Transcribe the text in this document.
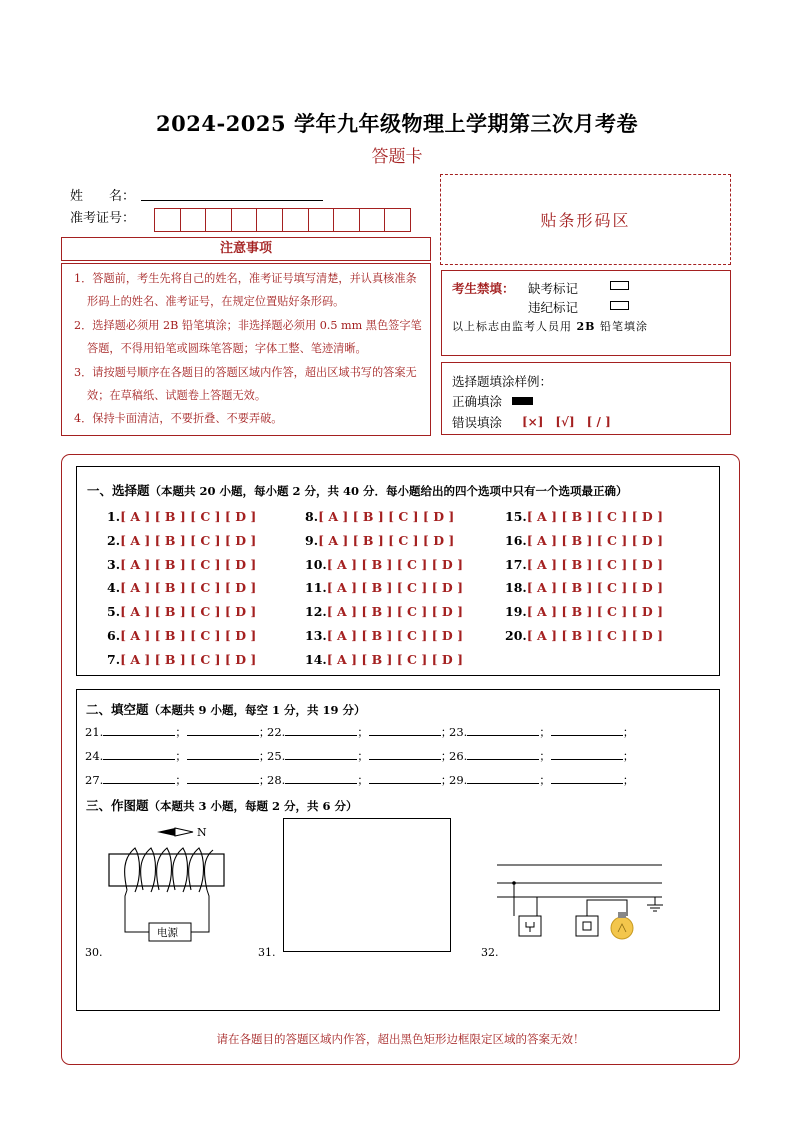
2024-2025 学年九年级物理上学期第三次月考卷
答题卡
姓　　名：
准考证号：	贴条形码区
注意事项

1．答题前，考生先将自己的姓名，准考证号填写清楚，并认真核准条形码上的姓名、准考证号，在规定位置贴好条形码。

2．选择题必须用 2B 铅笔填涂；非选择题必须用 0.5 mm 黑色签字笔答题，不得用铅笔或圆珠笔答题；字体工整、笔迹清晰。

3．请按题号顺序在各题目的答题区域内作答，超出区域书写的答案无效；在草稿纸、试题卷上答题无效。

4．保持卡面清洁，不要折叠、不要弄破。

考生禁填： 缺考标记
违纪标记
以上标志由监考人员用 2B 铅笔填涂
选择题填涂样例：
正确填涂
错误填涂 [×]　[√]　[ / ]
一、选择题（本题共 20 小题，每小题 2 分，共 40 分．每小题给出的四个选项中只有一个选项最正确）
1.[ A ] [ B ] [ C ] [ D ]
2.[ A ] [ B ] [ C ] [ D ]
3.[ A ] [ B ] [ C ] [ D ]
4.[ A ] [ B ] [ C ] [ D ]
5.[ A ] [ B ] [ C ] [ D ]
6.[ A ] [ B ] [ C ] [ D ]
7.[ A ] [ B ] [ C ] [ D ]
8.[ A ] [ B ] [ C ] [ D ]
9.[ A ] [ B ] [ C ] [ D ]
10.[ A ] [ B ] [ C ] [ D ]
11.[ A ] [ B ] [ C ] [ D ]
12.[ A ] [ B ] [ C ] [ D ]
13.[ A ] [ B ] [ C ] [ D ]
14.[ A ] [ B ] [ C ] [ D ]
15.[ A ] [ B ] [ C ] [ D ]
16.[ A ] [ B ] [ C ] [ D ]
17.[ A ] [ B ] [ C ] [ D ]
18.[ A ] [ B ] [ C ] [ D ]
19.[ A ] [ B ] [ C ] [ D ]
20.[ A ] [ B ] [ C ] [ D ]
二、填空题（本题共 9 小题，每空 1 分，共 19 分）
21.	；	；
22.	；	；
23.	；	；
24.	；	；
25.	；	；
26.	；	；
27.	；	；
28.	；	；
29.	；	；
三、作图题（本题共 3 小题，每题 2 分，共 6 分）
N
电源
30.	31.	32.
请在各题目的答题区域内作答，超出黑色矩形边框限定区域的答案无效！
